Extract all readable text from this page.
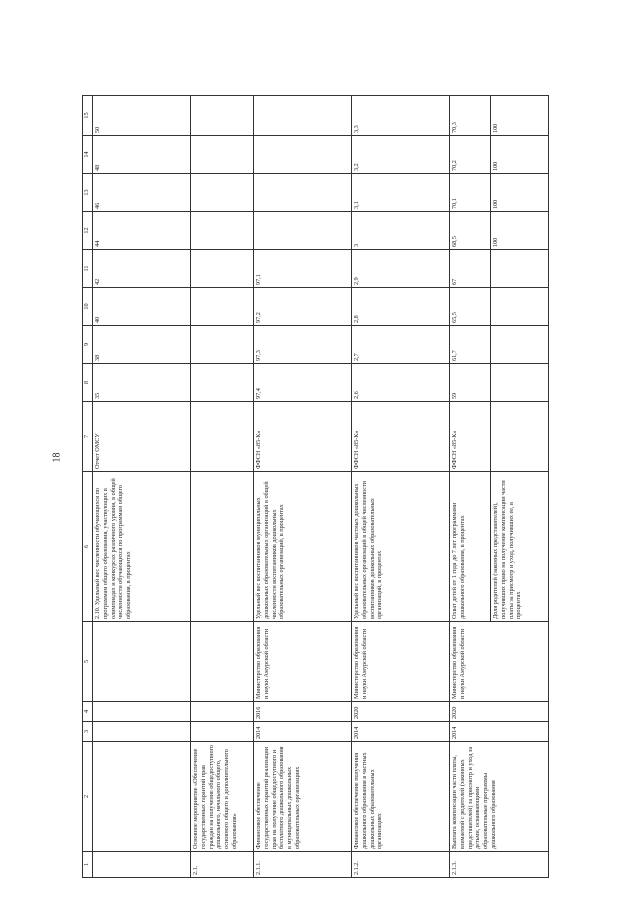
18
1	2	3	4	5	6	7	8	9	10	11	12	13	14	15
					2.10. Удельный вес численности обучающихся по программам общего образования, участвующих в олимпиадах и конкурсах различного уровня, в общей численности обучающихся по программам общего образования, в процентах	Отчет ОМСУ	35	38	40	42	44	46	48	50
2.1.	Основное мероприятие «Обеспечение государственных гарантий прав граждан на получение общедоступного дошкольного, начального общего, основного общего и дополнительного образования»													
2.1.1.	Финансовое обеспечение государственных гарантий реализации прав на получение общедоступного и бесплатного дошкольного образования в муниципальных дошкольных образовательных организациях	2014	2016	Министерство образования и науки Амурской области	Удельный вес воспитанников муниципальных дошкольных образовательных организаций в общей численности воспитанников дошкольных образовательных организаций, в процентах	ФФСН «85-К»	97,4	97,3	97,2	97,1				
2.1.2.	Финансовое обеспечение получения дошкольного образования в частных дошкольных образовательных организациях	2014	2020	Министерство образования и науки Амурской области	Удельный вес воспитанников частных дошкольных образовательных организаций в общей численности воспитанников дошкольных образовательных организаций, в процентах	ФФСН «85-К»	2,6	2,7	2,8	2,9	3	3,1	3,2	3,3
2.1.3.	Выплата компенсации части платы, взимаемой с родителей (законных представителей) за присмотр и уход за детьми, осваивающими образовательные программы дошкольного образования	2014	2020	Министерство образования и науки Амурской области	Охват детей от 1 года до 7 лет программами дошкольного образования, в процентах	ФФСН «85-К»	59	61,7	65,5	67	68,5	70,1	70,2	70,3
					Доля родителей (законных представителей), получивших право на получение компенсации части платы за присмотр и уход, получивших ее, в процентах						100	100	100	100
